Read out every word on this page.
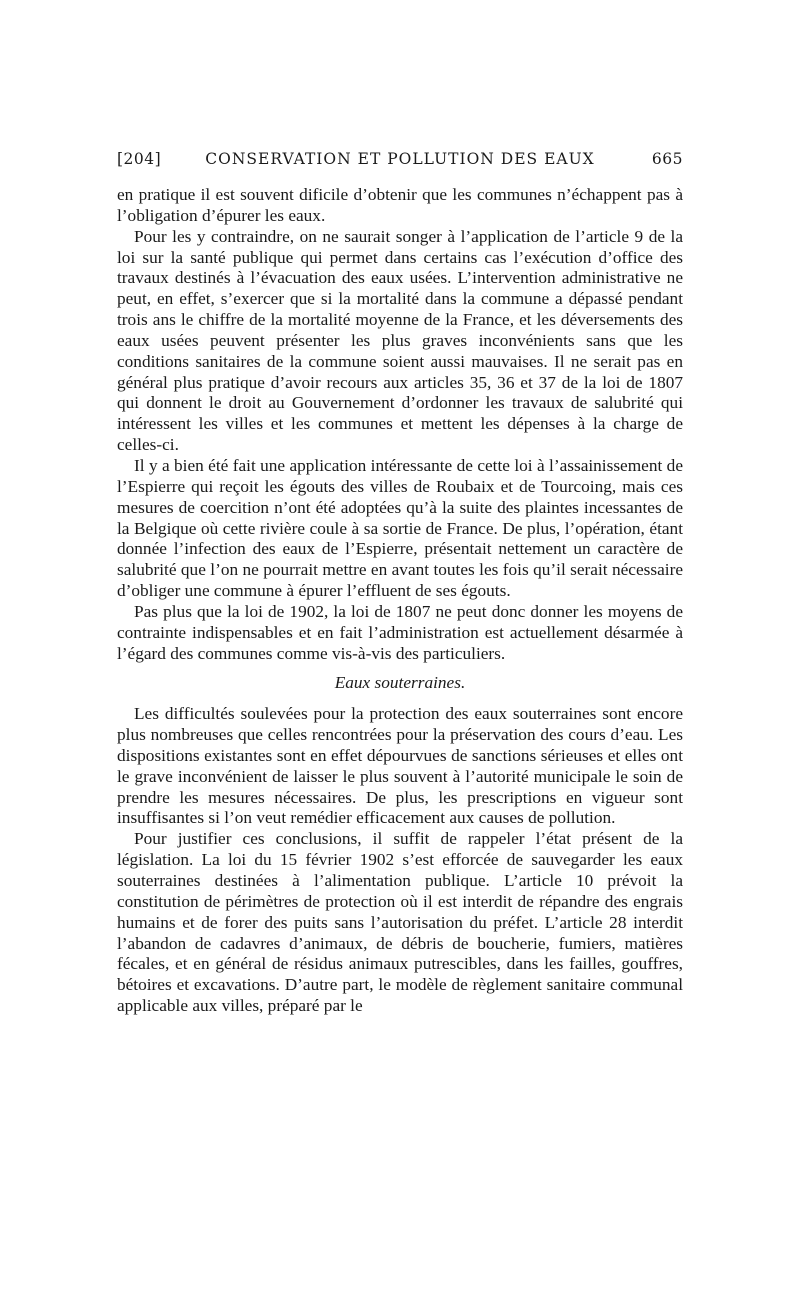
[204]	CONSERVATION ET POLLUTION DES EAUX	665

en pratique il est souvent dificile d’obtenir que les communes n’échappent pas à l’obligation d’épurer les eaux.

Pour les y contraindre, on ne saurait songer à l’application de l’article 9 de la loi sur la santé publique qui permet dans certains cas l’exécution d’office des travaux destinés à l’évacuation des eaux usées. L’intervention administrative ne peut, en effet, s’exercer que si la mortalité dans la commune a dépassé pendant trois ans le chiffre de la mortalité moyenne de la France, et les déversements des eaux usées peuvent présenter les plus graves inconvénients sans que les conditions sanitaires de la commune soient aussi mauvaises. Il ne serait pas en général plus pratique d’avoir recours aux articles 35, 36 et 37 de la loi de 1807 qui donnent le droit au Gouvernement d’ordonner les travaux de salubrité qui intéressent les villes et les communes et mettent les dépenses à la charge de celles-ci.

Il y a bien été fait une application intéressante de cette loi à l’assainissement de l’Espierre qui reçoit les égouts des villes de Roubaix et de Tourcoing, mais ces mesures de coercition n’ont été adoptées qu’à la suite des plaintes incessantes de la Belgique où cette rivière coule à sa sortie de France. De plus, l’opération, étant donnée l’infection des eaux de l’Espierre, présentait nettement un caractère de salubrité que l’on ne pourrait mettre en avant toutes les fois qu’il serait nécessaire d’obliger une commune à épurer l’effluent de ses égouts.

Pas plus que la loi de 1902, la loi de 1807 ne peut donc donner les moyens de contrainte indispensables et en fait l’administration est actuellement désarmée à l’égard des communes comme vis-à-vis des particuliers.

Eaux souterraines.

Les difficultés soulevées pour la protection des eaux souterraines sont encore plus nombreuses que celles rencontrées pour la préservation des cours d’eau. Les dispositions existantes sont en effet dépourvues de sanctions sérieuses et elles ont le grave inconvénient de laisser le plus souvent à l’autorité municipale le soin de prendre les mesures nécessaires. De plus, les prescriptions en vigueur sont insuffisantes si l’on veut remédier efficacement aux causes de pollution.

Pour justifier ces conclusions, il suffit de rappeler l’état présent de la législation. La loi du 15 février 1902 s’est efforcée de sauvegarder les eaux souterraines destinées à l’alimentation publique. L’article 10 prévoit la constitution de périmètres de protection où il est interdit de répandre des engrais humains et de forer des puits sans l’autorisation du préfet. L’article 28 interdit l’abandon de cadavres d’animaux, de débris de boucherie, fumiers, matières fécales, et en général de résidus animaux putrescibles, dans les failles, gouffres, bétoires et excavations. D’autre part, le modèle de règlement sanitaire communal applicable aux villes, préparé par le
